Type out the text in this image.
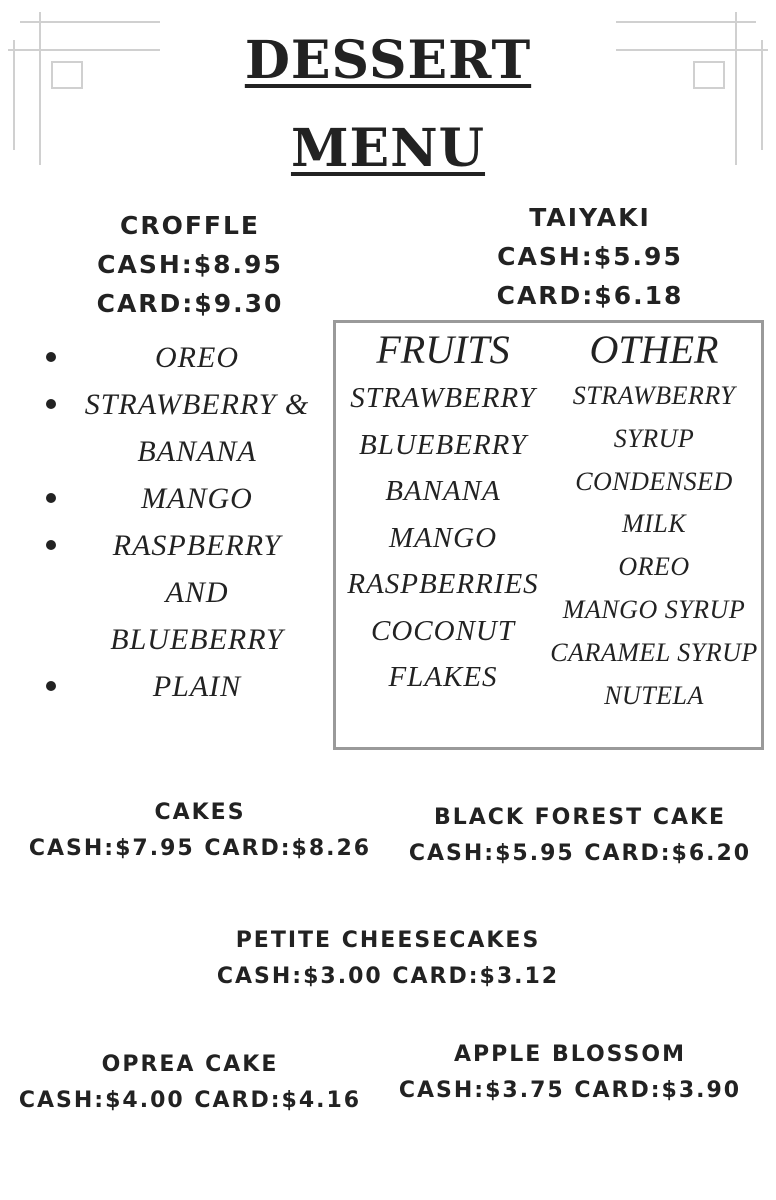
DESSERT
MENU
CROFFLE
CASH:$8.95
CARD:$9.30
TAIYAKI
CASH:$5.95
CARD:$6.18
OREO
STRAWBERRY &
BANANA
MANGO
RASPBERRY
AND
BLUEBERRY
PLAIN
FRUITS
STRAWBERRY
BLUEBERRY
BANANA
MANGO
RASPBERRIES
COCONUT
FLAKES
OTHER
STRAWBERRY
SYRUP
CONDENSED
MILK
OREO
MANGO SYRUP
CARAMEL SYRUP
NUTELA
CAKES
CASH:$7.95 CARD:$8.26
BLACK FOREST CAKE
CASH:$5.95 CARD:$6.20
PETITE CHEESECAKES
CASH:$3.00 CARD:$3.12
OPREA CAKE
CASH:$4.00 CARD:$4.16
APPLE BLOSSOM
CASH:$3.75 CARD:$3.90
